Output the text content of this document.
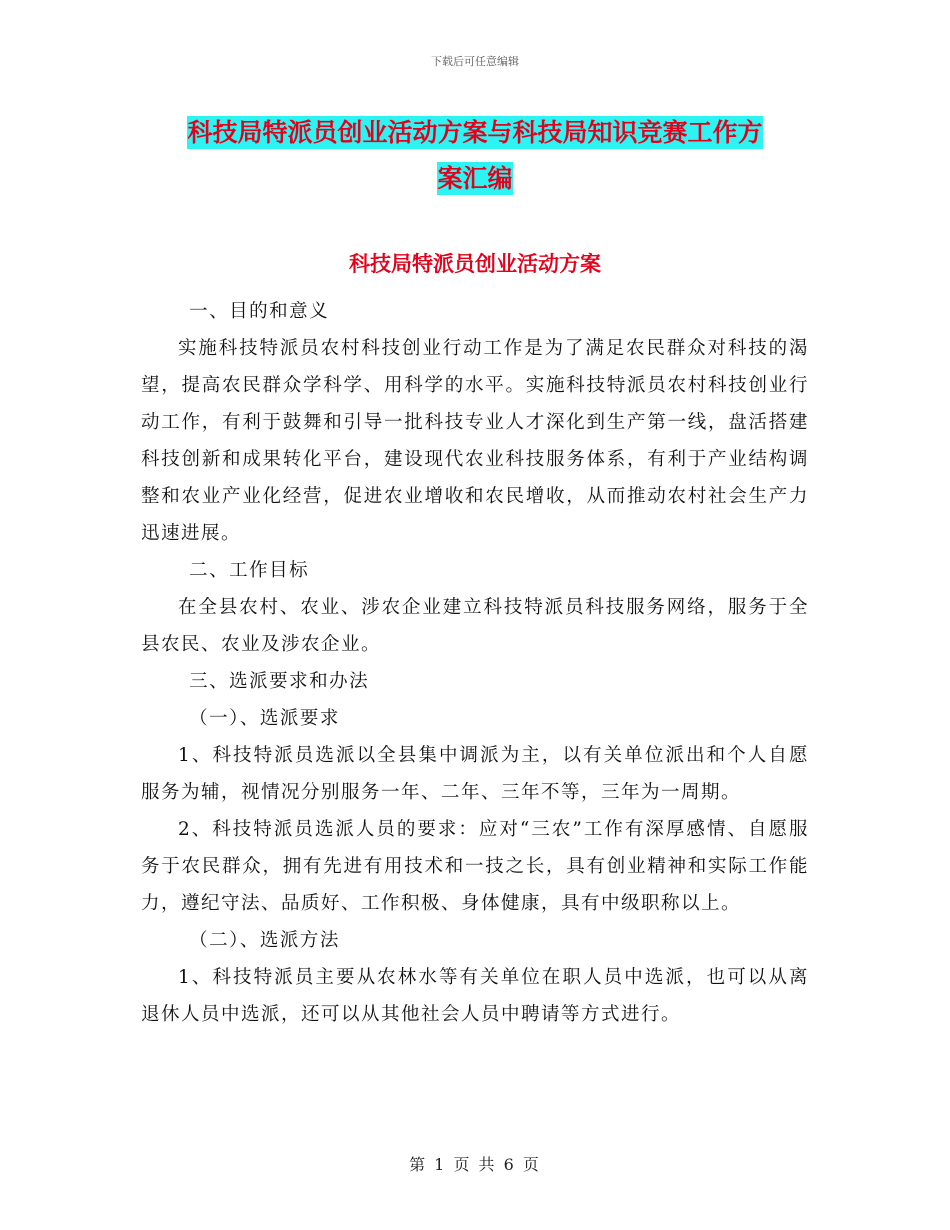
下载后可任意编辑
科技局特派员创业活动方案与科技局知识竞赛工作方
案汇编
科技局特派员创业活动方案

一、目的和意义

实施科技特派员农村科技创业行动工作是为了满足农民群众对科技的渴望，提高农民群众学科学、用科学的水平。实施科技特派员农村科技创业行动工作，有利于鼓舞和引导一批科技专业人才深化到生产第一线，盘活搭建科技创新和成果转化平台，建设现代农业科技服务体系，有利于产业结构调整和农业产业化经营，促进农业增收和农民增收，从而推动农村社会生产力迅速进展。

二、工作目标

在全县农村、农业、涉农企业建立科技特派员科技服务网络，服务于全县农民、农业及涉农企业。

三、选派要求和办法

（一）、选派要求

1、科技特派员选派以全县集中调派为主，以有关单位派出和个人自愿服务为辅，视情况分别服务一年、二年、三年不等，三年为一周期。

2、科技特派员选派人员的要求：应对“三农”工作有深厚感情、自愿服务于农民群众，拥有先进有用技术和一技之长，具有创业精神和实际工作能力，遵纪守法、品质好、工作积极、身体健康，具有中级职称以上。

（二）、选派方法

1、科技特派员主要从农林水等有关单位在职人员中选派，也可以从离退休人员中选派，还可以从其他社会人员中聘请等方式进行。

第 1 页 共 6 页
